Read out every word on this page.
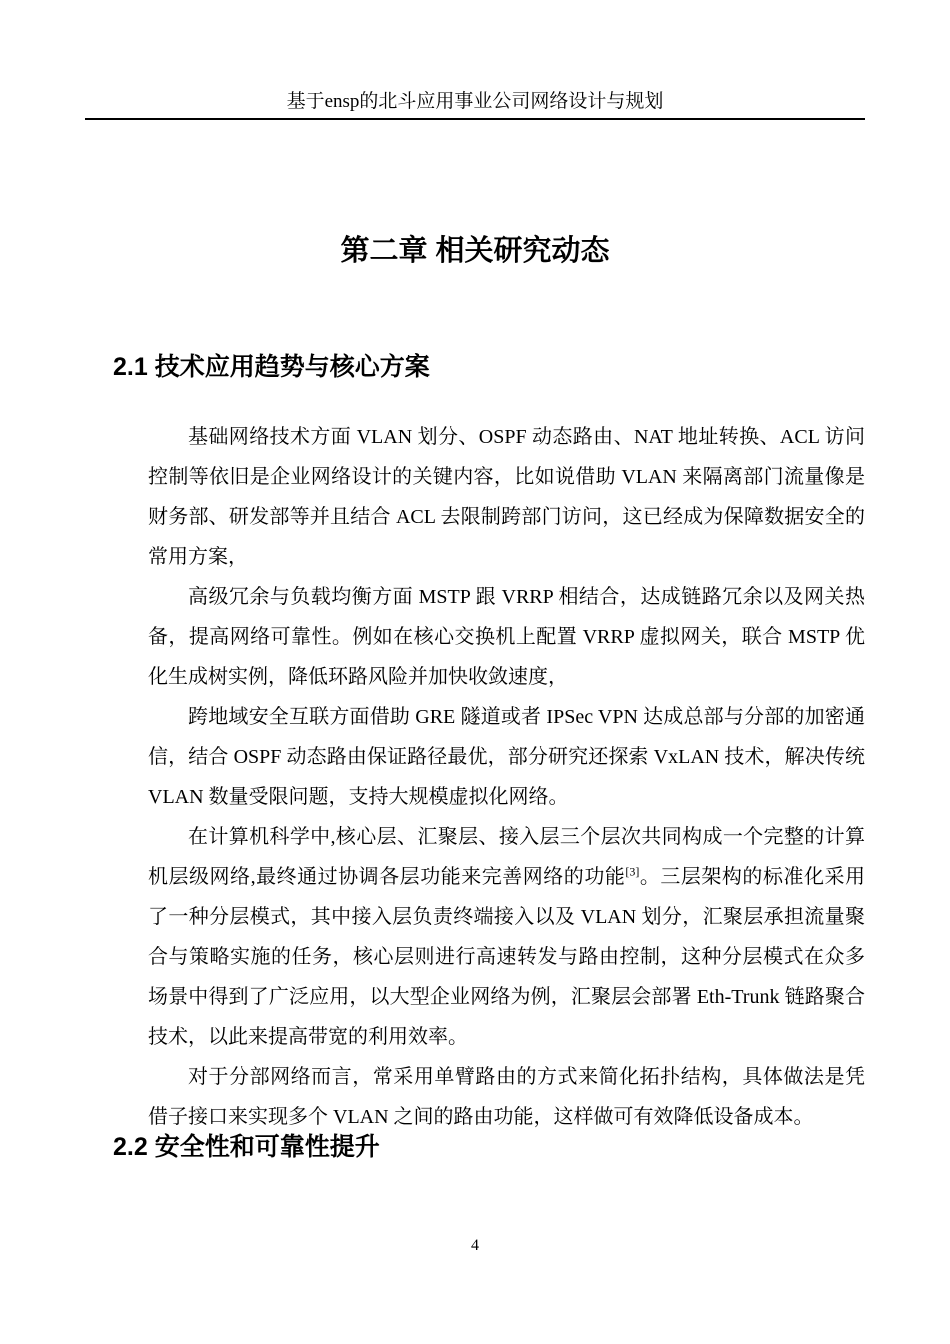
基于ensp的北斗应用事业公司网络设计与规划
第二章 相关研究动态
2.1 技术应用趋势与核心方案

基础网络技术方面 VLAN 划分、OSPF 动态路由、NAT 地址转换、ACL 访问控制等依旧是企业网络设计的关键内容，比如说借助 VLAN 来隔离部门流量像是财务部、研发部等并且结合 ACL 去限制跨部门访问，这已经成为保障数据安全的常用方案，

高级冗余与负载均衡方面 MSTP 跟 VRRP 相结合，达成链路冗余以及网关热备，提高网络可靠性。例如在核心交换机上配置 VRRP 虚拟网关，联合 MSTP 优化生成树实例，降低环路风险并加快收敛速度，

跨地域安全互联方面借助 GRE 隧道或者 IPSec VPN 达成总部与分部的加密通信，结合 OSPF 动态路由保证路径最优，部分研究还探索 VxLAN 技术，解决传统 VLAN 数量受限问题，支持大规模虚拟化网络。

在计算机科学中,核心层、汇聚层、接入层三个层次共同构成一个完整的计算机层级网络,最终通过协调各层功能来完善网络的功能[3]。三层架构的标准化采用了一种分层模式，其中接入层负责终端接入以及 VLAN 划分，汇聚层承担流量聚合与策略实施的任务，核心层则进行高速转发与路由控制，这种分层模式在众多场景中得到了广泛应用，以大型企业网络为例，汇聚层会部署 Eth-Trunk 链路聚合技术，以此来提高带宽的利用效率。

对于分部网络而言，常采用单臂路由的方式来简化拓扑结构，具体做法是凭借子接口来实现多个 VLAN 之间的路由功能，这样做可有效降低设备成本。

2.2 安全性和可靠性提升
4
